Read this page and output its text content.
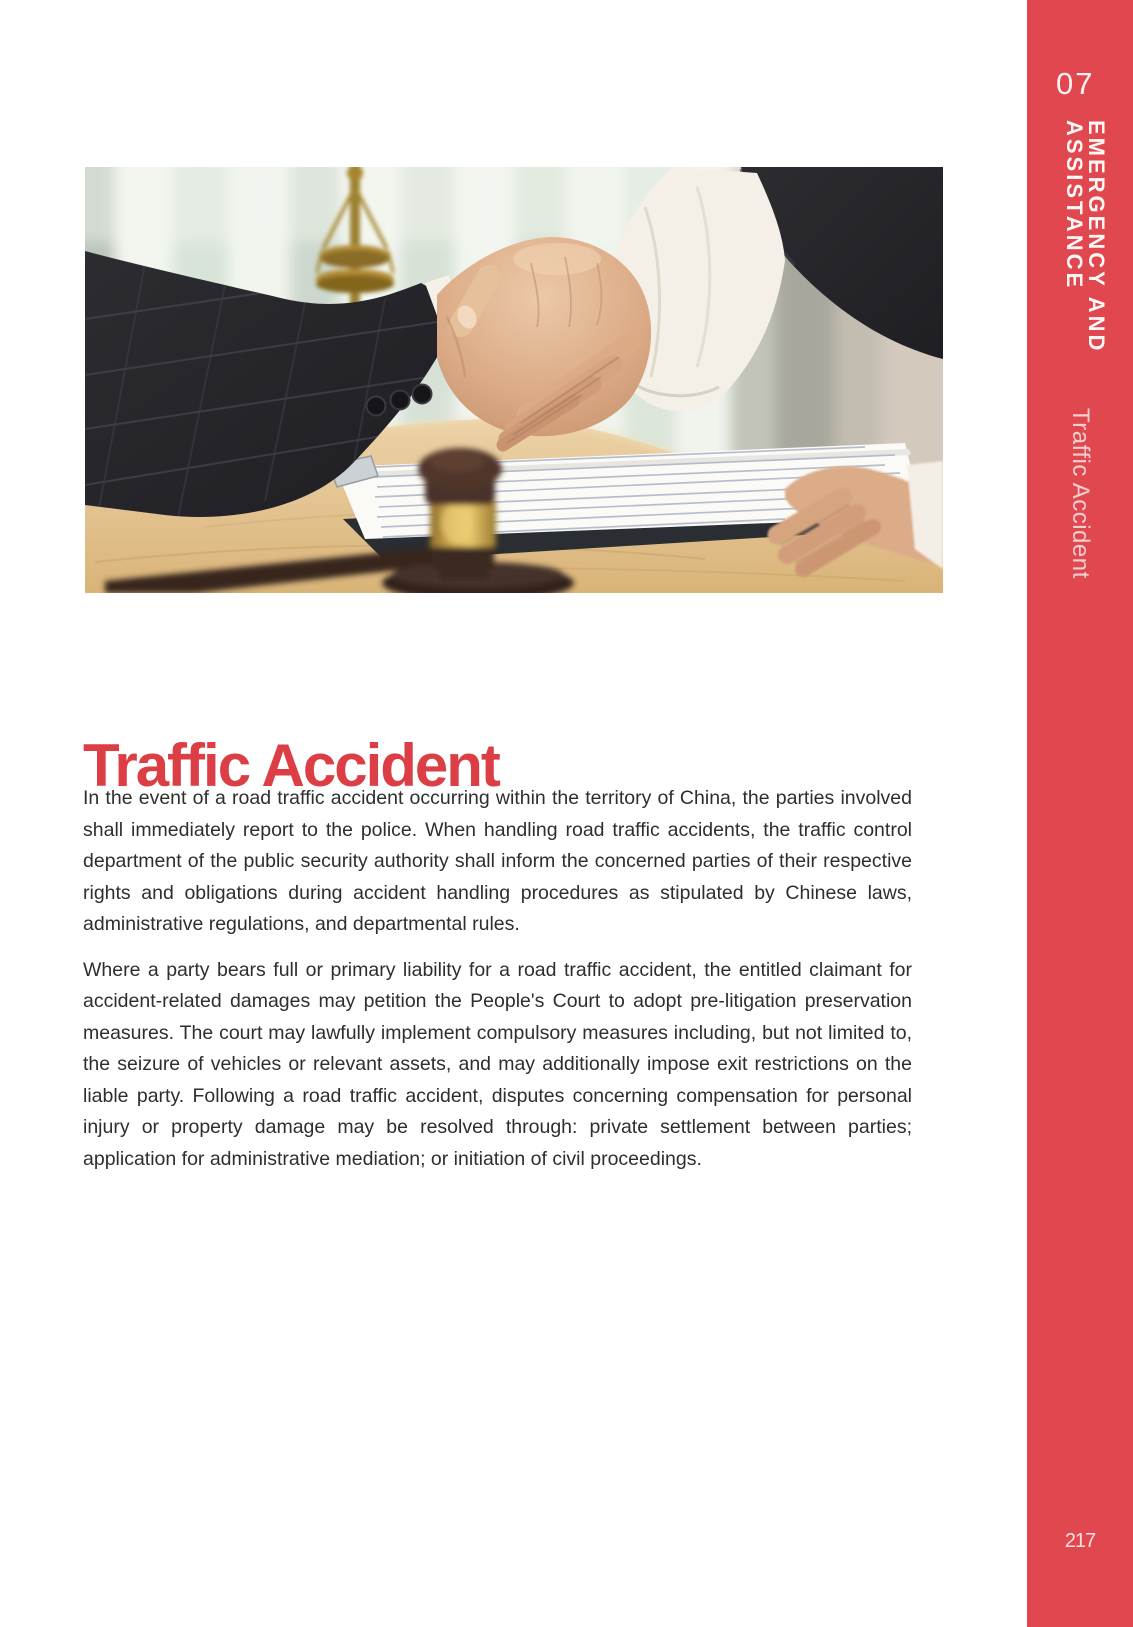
Traffic Accident

In the event of a road traffic accident occurring within the territory of China, the parties involved shall immediately report to the police. When handling road traffic accidents, the traffic control department of the public security authority shall inform the concerned parties of their respective rights and obligations during accident handling procedures as stipulated by Chinese laws, administrative regulations, and departmental rules.

Where a party bears full or primary liability for a road traffic accident, the entitled claimant for accident-related damages may petition the People's Court to adopt pre-litigation preservation measures. The court may lawfully implement compulsory measures including, but not limited to, the seizure of vehicles or relevant assets, and may additionally impose exit restrictions on the liable party. Following a road traffic accident, disputes concerning compensation for personal injury or property damage may be resolved through: private settlement between parties; application for administrative mediation; or initiation of civil proceedings.

07
EMERGENCY AND
ASSISTANCE
Traffic Accident
217
